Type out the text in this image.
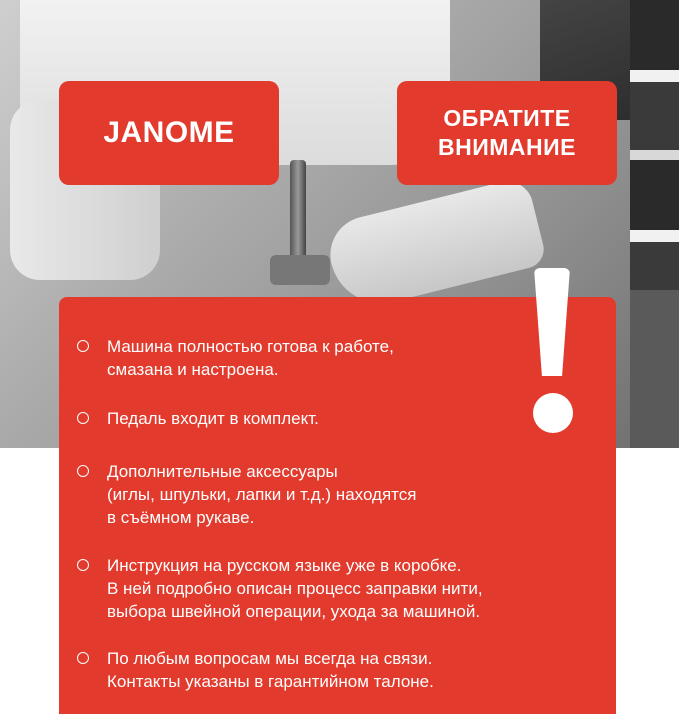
JANOME	ОБРАТИТЕ
ВНИМАНИЕ
Машина полностью готова к работе,
смазана и настроена.
Педаль входит в комплект.
Дополнительные аксессуары
(иглы, шпульки, лапки и т.д.) находятся
в съёмном рукаве.
Инструкция на русском языке уже в коробке.
В ней подробно описан процесс заправки нити,
выбора швейной операции, ухода за машиной.
По любым вопросам мы всегда на связи.
Контакты указаны в гарантийном талоне.
